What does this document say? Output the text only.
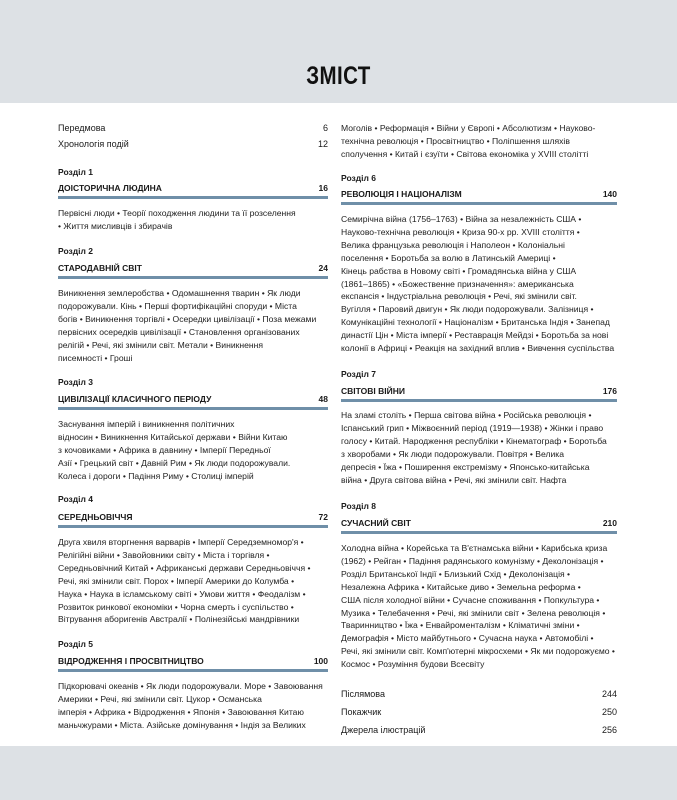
ЗМІСТ
Передмова	6
Хронологія подій	12
Розділ 1
ДОІСТОРИЧНА ЛЮДИНА	16
Первісні люди • Теорії походження людини та її розселення
• Життя мисливців і збирачів
Розділ 2
СТАРОДАВНІЙ СВІТ	24
Виникнення землеробства • Одомашнення тварин • Як люди
подорожували. Кінь • Перші фортифікаційні споруди • Міста
богів • Виникнення торгівлі • Осередки цивілізації • Поза межами
первісних осередків цивілізації • Становлення організованих
релігій • Речі, які змінили світ. Метали • Виникнення
писемності • Гроші
Розділ 3
ЦИВІЛІЗАЦІЇ КЛАСИЧНОГО ПЕРІОДУ	48
Заснування імперій і виникнення політичних
відносин • Виникнення Китайської держави • Війни Китаю
з кочовиками • Африка в давнину • Імперії Передньої
Азії • Грецький світ • Давній Рим • Як люди подорожували.
Колеса і дороги • Падіння Риму • Столиці імперій
Розділ 4
СЕРЕДНЬОВІЧЧЯ	72
Друга хвиля вторгнення варварів • Імперії Середземномор'я •
Релігійні війни • Завойовники світу • Міста і торгівля •
Середньовічний Китай • Африканські держави Середньовіччя •
Речі, які змінили світ. Порох • Імперії Америки до Колумба •
Наука • Наука в ісламському світі • Умови життя • Феодалізм •
Розвиток ринкової економіки • Чорна смерть і суспільство •
Вітрування аборигенів Австралії • Полінезійські мандрівники
Розділ 5
ВІДРОДЖЕННЯ І ПРОСВІТНИЦТВО	100
Підкорювачі океанів • Як люди подорожували. Море • Завоювання
Америки • Речі, які змінили світ. Цукор • Османська
імперія • Африка • Відродження • Японія • Завоювання Китаю
маньчжурами • Міста. Азійське домінування • Індія за Великих
Моголів • Реформація • Війни у Європі • Абсолютизм • Науково-
технічна революція • Просвітництво • Поліпшення шляхів
сполучення • Китай і єзуїти • Світова економіка у XVIII столітті
Розділ 6
РЕВОЛЮЦІЯ І НАЦІОНАЛІЗМ	140
Семирічна війна (1756–1763) • Війна за незалежність США •
Науково-технічна революція • Криза 90-х рр. XVIII століття •
Велика французька революція і Наполеон • Колоніальні
поселення • Боротьба за волю в Латинській Америці •
Кінець рабства в Новому світі • Громадянська війна у США
(1861–1865) • «Божественне призначення»: американська
експансія • Індустріальна революція • Речі, які змінили світ.
Вугілля • Паровий двигун • Як люди подорожували. Залізниця •
Комунікаційні технології • Націоналізм • Британська Індія • Занепад
династії Цін • Міста імперії • Реставрація Мейдзі • Боротьба за нові
колонії в Африці • Реакція на західний вплив • Вивчення суспільства
Розділ 7
СВІТОВІ ВІЙНИ	176
На зламі століть • Перша світова війна • Російська революція •
Іспанський грип • Міжвоєнний період (1919—1938) • Жінки і право
голосу • Китай. Народження республіки • Кінематограф • Боротьба
з хворобами • Як люди подорожували. Повітря • Велика
депресія • Їжа • Поширення екстремізму • Японсько-китайська
війна • Друга світова війна • Речі, які змінили світ. Нафта
Розділ 8
СУЧАСНИЙ СВІТ	210
Холодна війна • Корейська та В'єтнамська війни • Карибська криза
(1962) • Рейган • Падіння радянського комунізму • Деколонізація •
Розділ Британської Індії • Близький Схід • Деколонізація •
Незалежна Африка • Китайське диво • Земельна реформа •
США після холодної війни • Сучасне споживання • Попкультура •
Музика • Телебачення • Речі, які змінили світ • Зелена революція •
Тваринництво • Їжа • Енвайроменталізм • Кліматичні зміни •
Демографія • Місто майбутнього • Сучасна наука • Автомобілі •
Речі, які змінили світ. Комп'ютерні мікросхеми • Як ми подорожуємо •
Космос • Розуміння будови Всесвіту
Післямова	244
Покажчик	250
Джерела ілюстрацій	256
